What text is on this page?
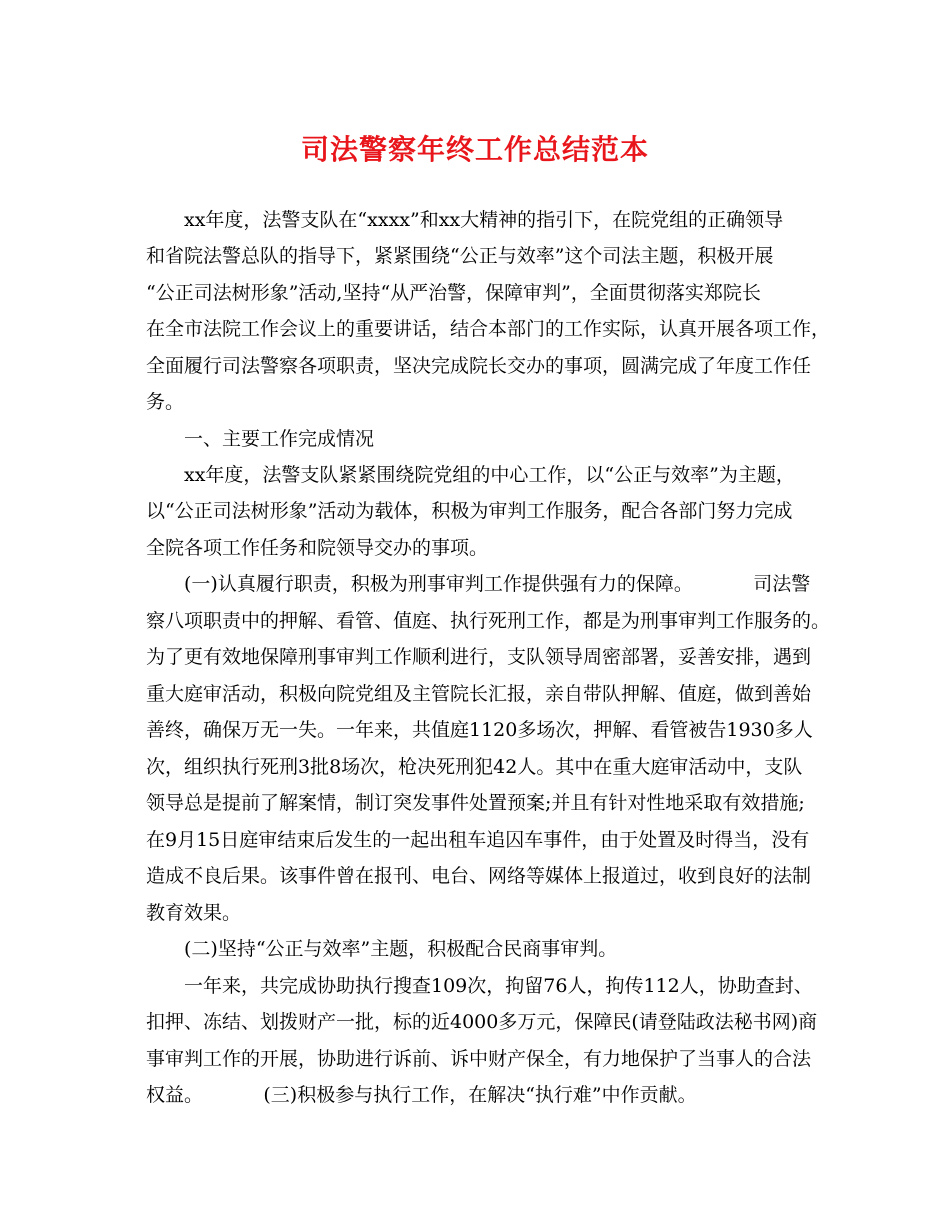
司法警察年终工作总结范本
xx年度，法警支队在“xxxx”和xx大精神的指引下，在院党组的正确领导
和省院法警总队的指导下，紧紧围绕“公正与效率”这个司法主题，积极开展
“公正司法树形象”活动,坚持“从严治警，保障审判”，全面贯彻落实郑院长
在全市法院工作会议上的重要讲话，结合本部门的工作实际，认真开展各项工作，
全面履行司法警察各项职责，坚决完成院长交办的事项，圆满完成了年度工作任
务。
一、主要工作完成情况
xx年度，法警支队紧紧围绕院党组的中心工作，以“公正与效率”为主题，
以“公正司法树形象”活动为载体，积极为审判工作服务，配合各部门努力完成
全院各项工作任务和院领导交办的事项。
(一)认真履行职责，积极为刑事审判工作提供强有力的保障。          司法警
察八项职责中的押解、看管、值庭、执行死刑工作，都是为刑事审判工作服务的。
为了更有效地保障刑事审判工作顺利进行，支队领导周密部署，妥善安排，遇到
重大庭审活动，积极向院党组及主管院长汇报，亲自带队押解、值庭，做到善始
善终，确保万无一失。一年来，共值庭1120多场次，押解、看管被告1930多人
次，组织执行死刑3批8场次，枪决死刑犯42人。其中在重大庭审活动中，支队
领导总是提前了解案情，制订突发事件处置预案;并且有针对性地采取有效措施;
在9月15日庭审结束后发生的一起出租车追囚车事件，由于处置及时得当，没有
造成不良后果。该事件曾在报刊、电台、网络等媒体上报道过，收到良好的法制
教育效果。
(二)坚持“公正与效率”主题，积极配合民商事审判。
一年来，共完成协助执行搜查109次，拘留76人，拘传112人，协助查封、
扣押、冻结、划拨财产一批，标的近4000多万元，保障民(请登陆政法秘书网)商
事审判工作的开展，协助进行诉前、诉中财产保全，有力地保护了当事人的合法
权益。          (三)积极参与执行工作，在解决“执行难”中作贡献。
